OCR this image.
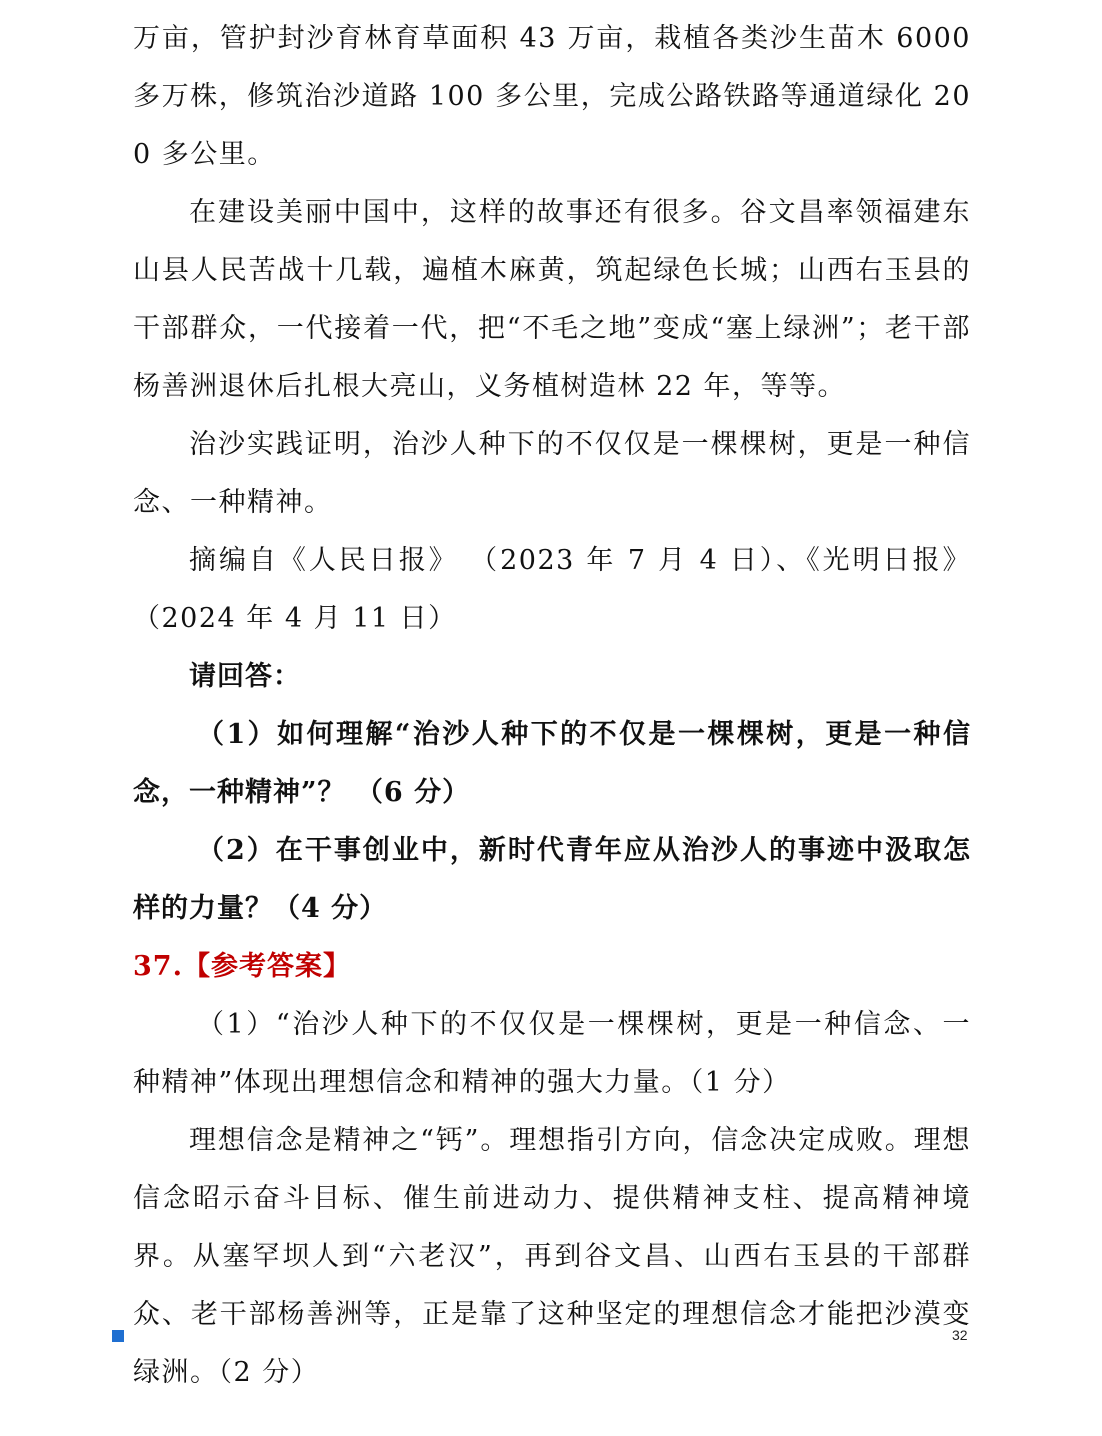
万亩，管护封沙育林育草面积 43 万亩，栽植各类沙生苗木 6000 多万株，修筑治沙道路 100 多公里，完成公路铁路等通道绿化 200 多公里。

在建设美丽中国中，这样的故事还有很多。谷文昌率领福建东山县人民苦战十几载，遍植木麻黄，筑起绿色长城；山西右玉县的干部群众，一代接着一代，把“不毛之地”变成“塞上绿洲”；老干部杨善洲退休后扎根大亮山，义务植树造林 22 年，等等。

治沙实践证明，治沙人种下的不仅仅是一棵棵树，更是一种信念、一种精神。

摘编自《人民日报》 （2023 年 7 月 4 日）、《光明日报》 （2024 年 4 月 11 日）

请回答：

（1）如何理解“治沙人种下的不仅是一棵棵树，更是一种信念，一种精神”？ （6 分）

（2）在干事创业中，新时代青年应从治沙人的事迹中汲取怎样的力量？（4 分）

37.【参考答案】

（1）“治沙人种下的不仅仅是一棵棵树，更是一种信念、一种精神”体现出理想信念和精神的强大力量。（1 分）

理想信念是精神之“钙”。理想指引方向，信念决定成败。理想信念昭示奋斗目标、催生前进动力、提供精神支柱、提高精神境界。从塞罕坝人到“六老汉”，再到谷文昌、山西右玉县的干部群众、老干部杨善洲等，正是靠了这种坚定的理想信念才能把沙漠变绿洲。（2 分）

32
